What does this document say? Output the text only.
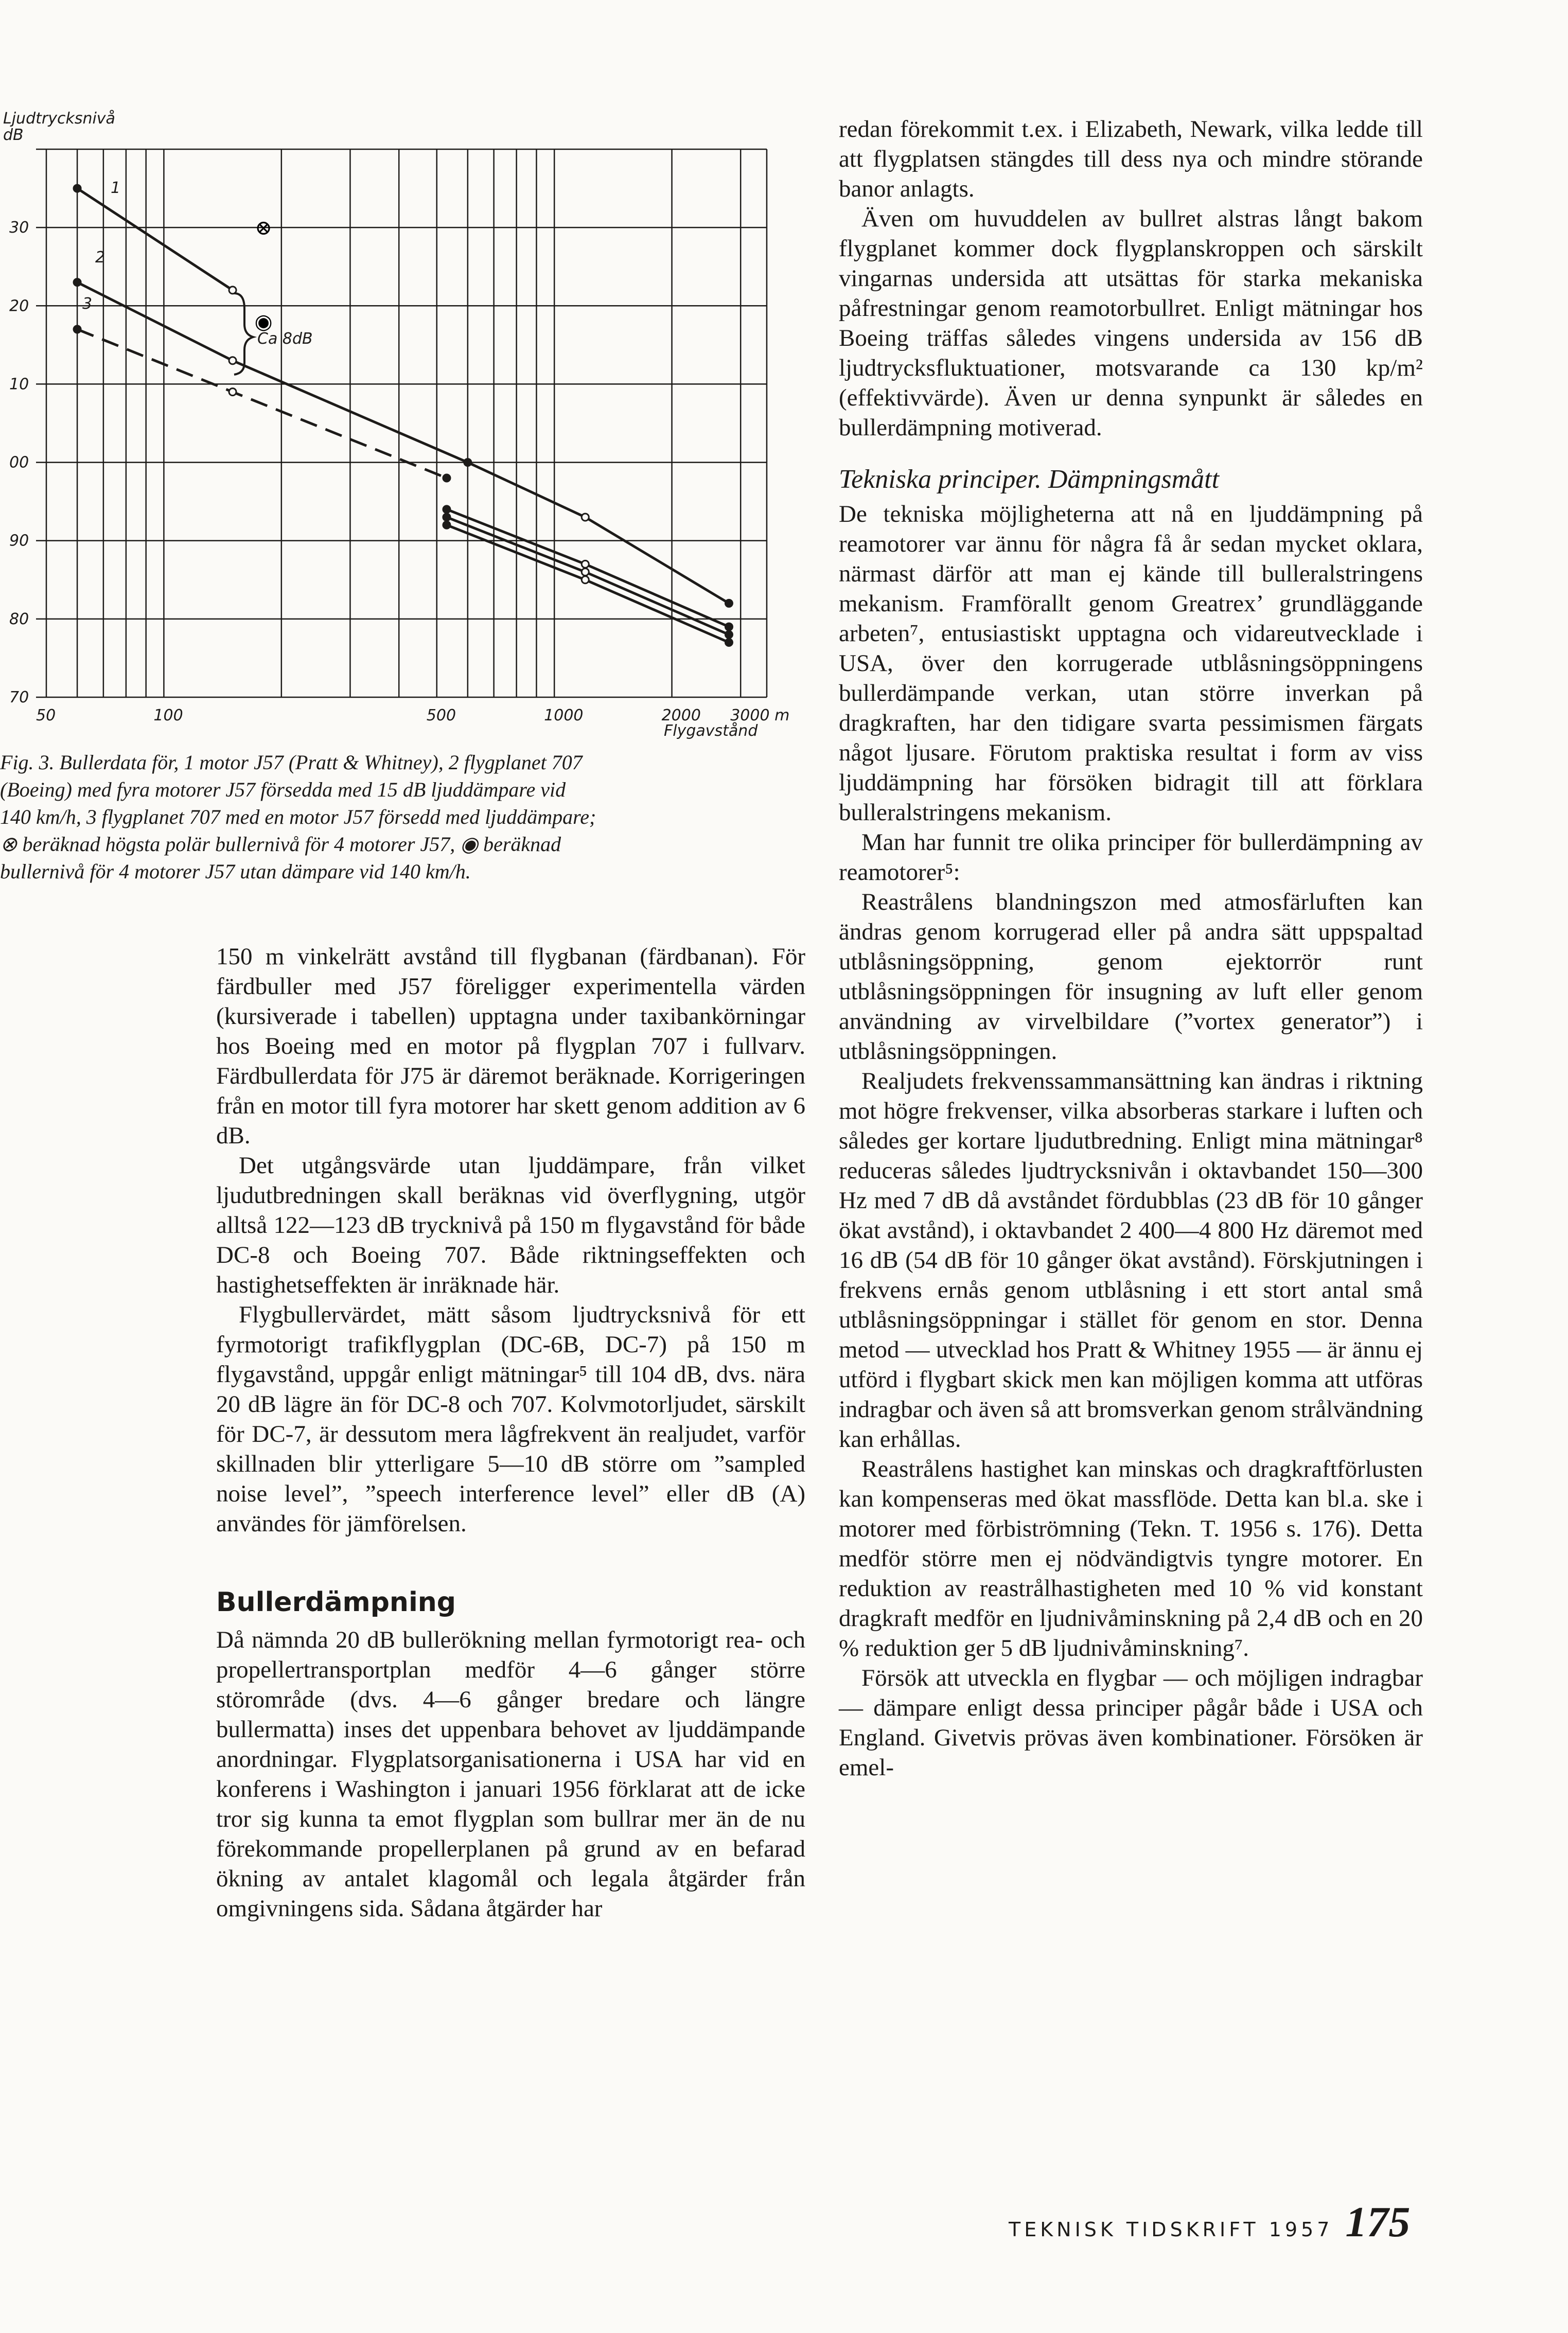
30
20
10
00
90
80
70
50	100	500	1000	2000 3000 m
⊗
◉
Ljudtrycksnivå
dB
Flygavstånd
1
2
3
Ca 8dB
Fig. 3. Bullerdata för, 1 motor J57 (Pratt & Whitney), 2 flygplanet 707
(Boeing) med fyra motorer J57 försedda med 15 dB ljuddämpare vid
140 km/h, 3 flygplanet 707 med en motor J57 försedd med ljuddämpare;
⊗ beräknad högsta polär bullernivå för 4 motorer J57, ◉ beräknad
bullernivå för 4 motorer J57 utan dämpare vid 140 km/h.

150 m vinkelrätt avstånd till flygbanan (färdbanan). För färdbuller med J57 föreligger experimentella värden (kursiverade i tabellen) upptagna under taxibankörningar hos Boeing med en motor på flygplan 707 i fullvarv. Färdbullerdata för J75 är däremot beräknade. Korrigeringen från en motor till fyra motorer har skett genom addition av 6 dB.

Det utgångsvärde utan ljuddämpare, från vilket ljudutbredningen skall beräknas vid överflygning, utgör alltså 122—123 dB trycknivå på 150 m flygavstånd för både DC-8 och Boeing 707. Både riktningseffekten och hastighetseffekten är inräknade här.

Flygbullervärdet, mätt såsom ljudtrycksnivå för ett fyrmotorigt trafikflygplan (DC-6B, DC-7) på 150 m flygavstånd, uppgår enligt mätningar⁵ till 104 dB, dvs. nära 20 dB lägre än för DC-8 och 707. Kolvmotorljudet, särskilt för DC-7, är dessutom mera lågfrekvent än realjudet, varför skillnaden blir ytterligare 5—10 dB större om ”sampled noise level”, ”speech interference level” eller dB (A) användes för jämförelsen.

Bullerdämpning

Då nämnda 20 dB bullerökning mellan fyrmotorigt rea- och propellertransportplan medför 4—6 gånger större störområde (dvs. 4—6 gånger bredare och längre bullermatta) inses det uppenbara behovet av ljuddämpande anordningar. Flygplatsorganisationerna i USA har vid en konferens i Washington i januari 1956 förklarat att de icke tror sig kunna ta emot flygplan som bullrar mer än de nu förekommande propellerplanen på grund av en befarad ökning av antalet klagomål och legala åtgärder från omgivningens sida. Sådana åtgärder har

redan förekommit t.ex. i Elizabeth, Newark, vilka ledde till att flygplatsen stängdes till dess nya och mindre störande banor anlagts.

Även om huvuddelen av bullret alstras långt bakom flygplanet kommer dock flygplanskroppen och särskilt vingarnas undersida att utsättas för starka mekaniska påfrestningar genom reamotorbullret. Enligt mätningar hos Boeing träffas således vingens undersida av 156 dB ljudtrycksfluktuationer, motsvarande ca 130 kp/m² (effektivvärde). Även ur denna synpunkt är således en bullerdämpning motiverad.

Tekniska principer. Dämpningsmått

De tekniska möjligheterna att nå en ljuddämpning på reamotorer var ännu för några få år sedan mycket oklara, närmast därför att man ej kände till bulleralstringens mekanism. Framförallt genom Greatrex’ grundläggande arbeten⁷, entusiastiskt upptagna och vidareutvecklade i USA, över den korrugerade utblåsningsöppningens bullerdämpande verkan, utan större inverkan på dragkraften, har den tidigare svarta pessimismen färgats något ljusare. Förutom praktiska resultat i form av viss ljuddämpning har försöken bidragit till att förklara bulleralstringens mekanism.

Man har funnit tre olika principer för bullerdämpning av reamotorer⁵:

Reastrålens blandningszon med atmosfärluften kan ändras genom korrugerad eller på andra sätt uppspaltad utblåsningsöppning, genom ejektorrör runt utblåsningsöppningen för insugning av luft eller genom användning av virvelbildare (”vortex generator”) i utblåsningsöppningen.

Realjudets frekvenssammansättning kan ändras i riktning mot högre frekvenser, vilka absorberas starkare i luften och således ger kortare ljudutbredning. Enligt mina mätningar⁸ reduceras således ljudtrycksnivån i oktavbandet 150—300 Hz med 7 dB då avståndet fördubblas (23 dB för 10 gånger ökat avstånd), i oktavbandet 2 400—4 800 Hz däremot med 16 dB (54 dB för 10 gånger ökat avstånd). Förskjutningen i frekvens ernås genom utblåsning i ett stort antal små utblåsningsöppningar i stället för genom en stor. Denna metod — utvecklad hos Pratt & Whitney 1955 — är ännu ej utförd i flygbart skick men kan möjligen komma att utföras indragbar och även så att bromsverkan genom strålvändning kan erhållas.

Reastrålens hastighet kan minskas och dragkraftförlusten kan kompenseras med ökat massflöde. Detta kan bl.a. ske i motorer med förbiströmning (Tekn. T. 1956 s. 176). Detta medför större men ej nödvändigtvis tyngre motorer. En reduktion av reastrålhastigheten med 10 % vid konstant dragkraft medför en ljudnivåminskning på 2,4 dB och en 20 % reduktion ger 5 dB ljudnivåminskning⁷.

Försök att utveckla en flygbar — och möjligen indragbar — dämpare enligt dessa principer pågår både i USA och England. Givetvis prövas även kombinationer. Försöken är emel-

TEKNISK TIDSKRIFT 1957 175
